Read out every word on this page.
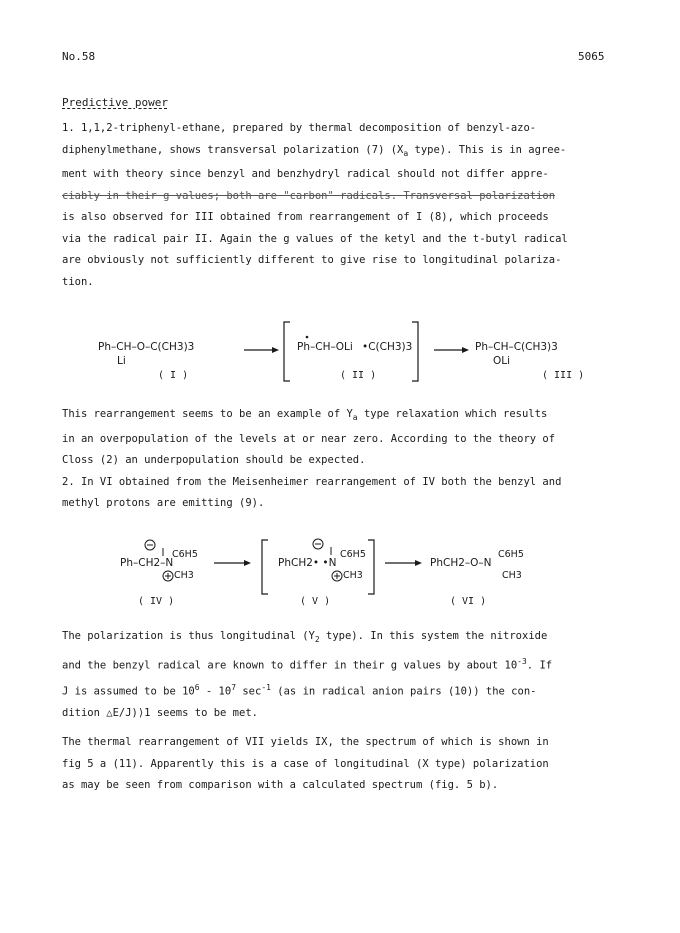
No.58	5065
Predictive power
1. 1,1,2-triphenyl-ethane, prepared by thermal decomposition of benzyl-azo-
diphenylmethane, shows transversal polarization (7) ($X_a$ type). This is in agree-
ment with theory since benzyl and benzhydryl radical should not differ appre-
ciably in their g values; both are "carbon" radicals. Transversal polarization
is also observed for III obtained from rearrangement of I (8), which proceeds
via the radical pair II. Again the g values of the ketyl and the t-butyl radical
are obviously not sufficiently different to give rise to longitudinal polariza-
tion.
Ph–CH–O–C(CH3)3
Li
( I )
Ph–CH–OLi •C(CH3)3
( II )
Ph–CH–C(CH3)3
OLi
( III )
This rearrangement seems to be an example of $Y_a$ type relaxation which results
in an overpopulation of the levels at or near zero. According to the theory of
Closs (2) an underpopulation should be expected.
2. In VI obtained from the Meisenheimer rearrangement of IV both the benzyl and
methyl protons are emitting (9).
Ph–CH2–N
C6H5
CH3
( IV )
PhCH2• •N
C6H5
CH3
( V )
PhCH2–O–N
C6H5
CH3
( VI )
The polarization is thus longitudinal ($Y_2$ type). In this system the nitroxide
and the benzyl radical are known to differ in their g values by about $10^{-3}$. If
J is assumed to be $10^6 - 10^7$ $\sec^{-1} (as$ in radical anion pairs (10)) the con-
dition △E/J)⟩1 seems to be met.
The thermal rearrangement of VII yields IX, the spectrum of which is shown in
fig 5 a (11). Apparently this is a case of longitudinal (X type) polarization
as may be seen from comparison with a calculated spectrum (fig. 5 b).
